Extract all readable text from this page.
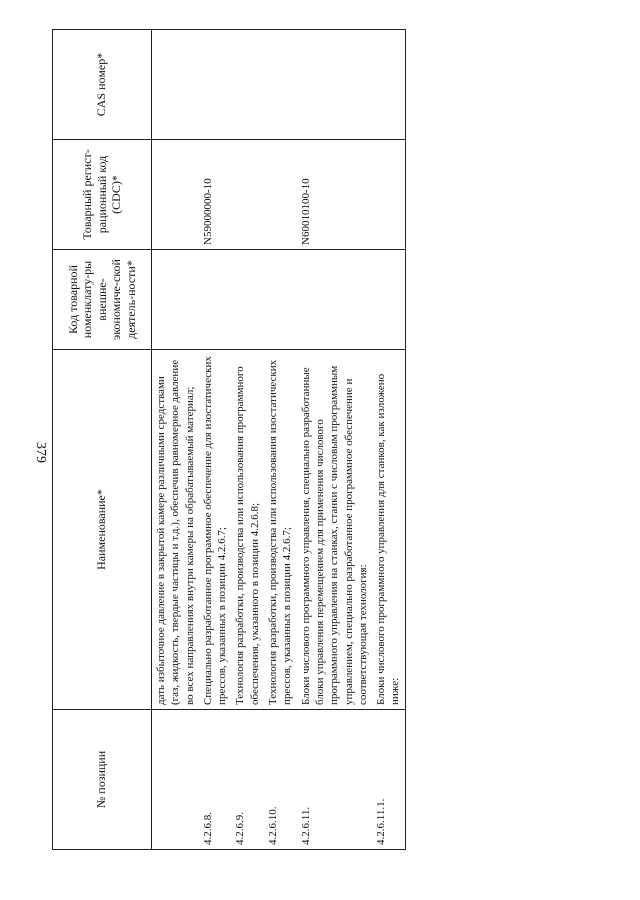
379
№ позиции	Наименование*	Код товарной номенклату-ры внешне-экономиче-ской деятель-ности*	Товарный регист-рационный код (CDC)*	CAS номер*
	дать избыточное давление в закрытой камере различными средствами (газ, жидкость, твердые частицы и т.д.), обеспечив равномерное давление во всех направлениях внутри камеры на обрабатываемый материал;			
4.2.6.8.	Специально разработанное программное обеспечение для изостатических прессов, указанных в позиции 4.2.6.7;		N59000000-10	
4.2.6.9.	Технология разработки, производства или использования программного обеспечения, указанного в позиции 4.2.6.8;			
4.2.6.10.	Технология разработки, производства или использования изостатических прессов, указанных в позиции 4.2.6.7;			
4.2.6.11.	Блоки числового программного управления, специально разработанные блоки управления перемещением для применения числового программного управления на станках, станки с числовым программным управлением, специально разработанное программное обеспечение и соответствующая технология:		N60010100-10	
4.2.6.11.1.	Блоки числового программного управления для станков, как изложено ниже:			
